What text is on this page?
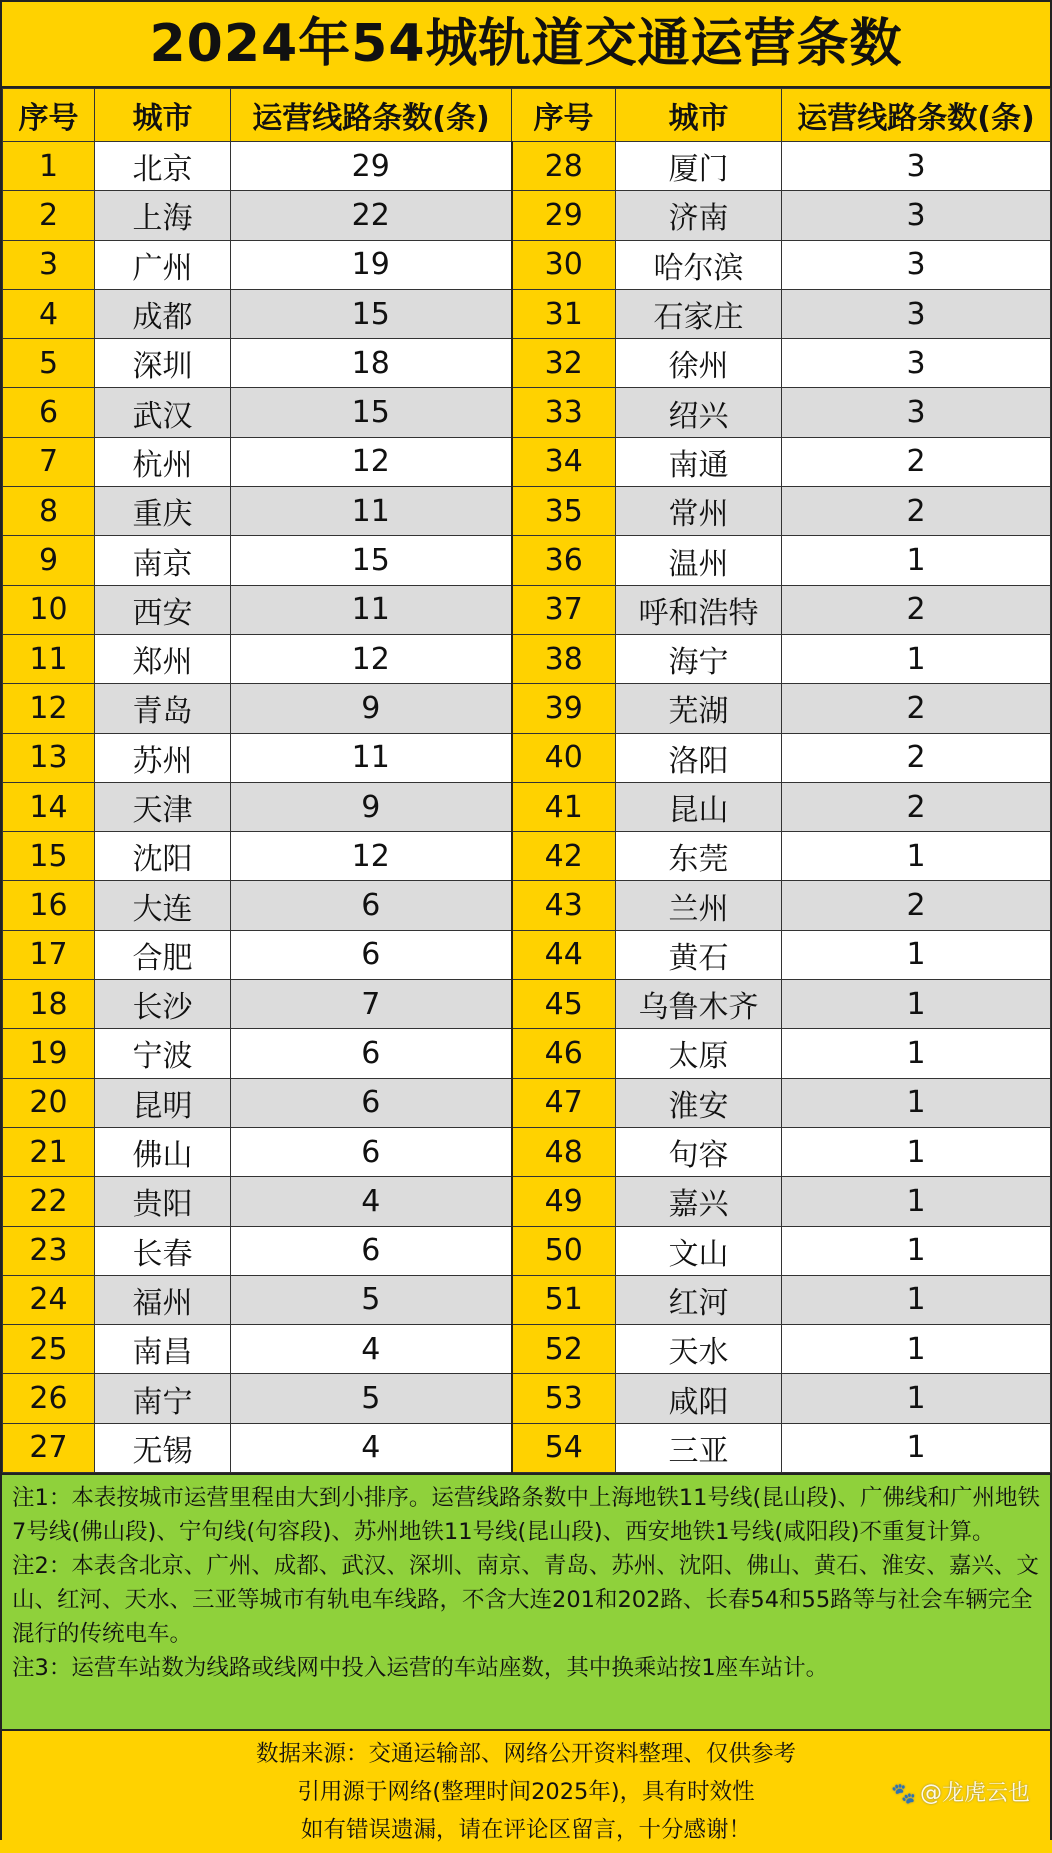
2024年54城轨道交通运营条数
序号	城市	运营线路条数(条)	序号	城市	运营线路条数(条)
1	北京	29	28	厦门	3
2	上海	22	29	济南	3
3	广州	19	30	哈尔滨	3
4	成都	15	31	石家庄	3
5	深圳	18	32	徐州	3
6	武汉	15	33	绍兴	3
7	杭州	12	34	南通	2
8	重庆	11	35	常州	2
9	南京	15	36	温州	1
10	西安	11	37	呼和浩特	2
11	郑州	12	38	海宁	1
12	青岛	9	39	芜湖	2
13	苏州	11	40	洛阳	2
14	天津	9	41	昆山	2
15	沈阳	12	42	东莞	1
16	大连	6	43	兰州	2
17	合肥	6	44	黄石	1
18	长沙	7	45	乌鲁木齐	1
19	宁波	6	46	太原	1
20	昆明	6	47	淮安	1
21	佛山	6	48	句容	1
22	贵阳	4	49	嘉兴	1
23	长春	6	50	文山	1
24	福州	5	51	红河	1
25	南昌	4	52	天水	1
26	南宁	5	53	咸阳	1
27	无锡	4	54	三亚	1

注1：本表按城市运营里程由大到小排序。运营线路条数中上海地铁11号线(昆山段)、广佛线和广州地铁7号线(佛山段)、宁句线(句容段)、苏州地铁11号线(昆山段)、西安地铁1号线(咸阳段)不重复计算。

注2：本表含北京、广州、成都、武汉、深圳、南京、青岛、苏州、沈阳、佛山、黄石、淮安、嘉兴、文山、红河、天水、三亚等城市有轨电车线路，不含大连201和202路、长春54和55路等与社会车辆完全混行的传统电车。

注3：运营车站数为线路或线网中投入运营的车站座数，其中换乘站按1座车站计。

数据来源：交通运输部、网络公开资料整理、仅供参考
引用源于网络(整理时间2025年)，具有时效性
如有错误遗漏，请在评论区留言，十分感谢！
🐾 @龙虎云也
